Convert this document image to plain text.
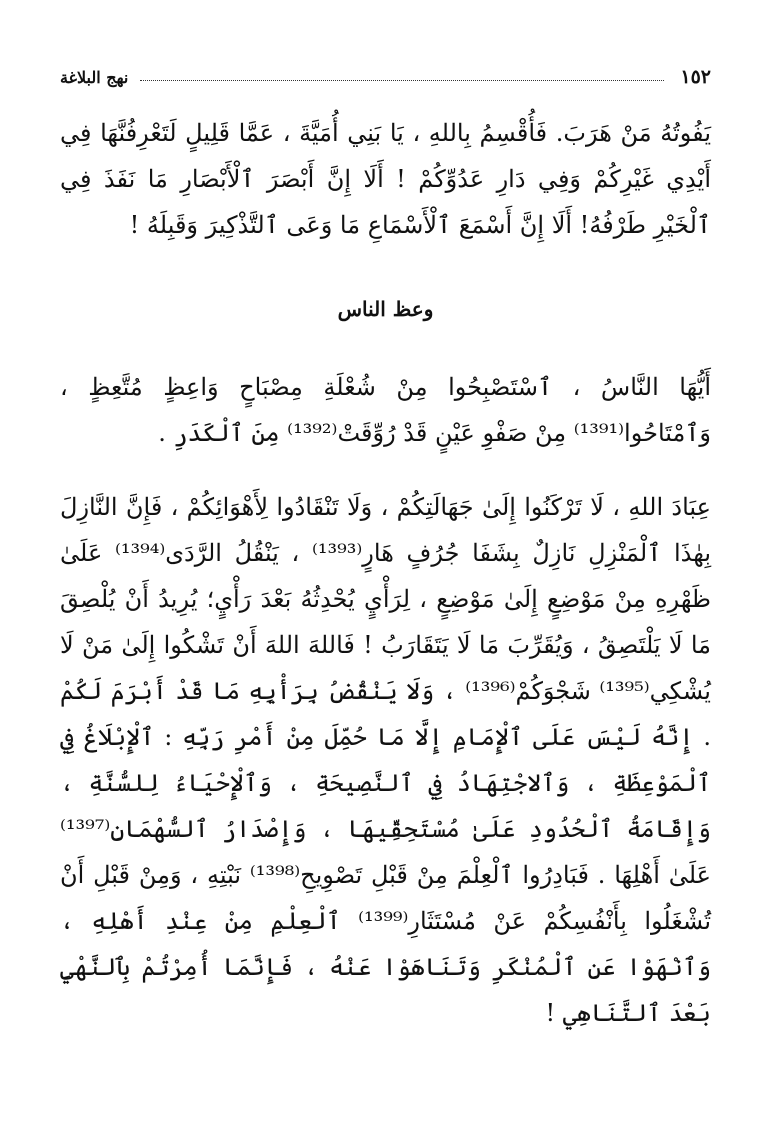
١٥٢
نهج البلاغة

يَفُوتُهُ مَنْ هَرَبَ. فَأُقْسِمُ بِاللهِ ، يَا بَنِي أُمَيَّةَ ، عَمَّا قَلِيلٍ لَتَعْرِفُنَّهَا فِي أَيْدِي غَيْرِكُمْ وَفِي دَارِ عَدُوِّكُمْ ! أَلَا إِنَّ أَبْصَرَ ٱلْأَبْصَارِ مَا نَفَذَ فِي ٱلْخَيْرِ طَرْفُهُ! أَلَا إِنَّ أَسْمَعَ ٱلْأَسْمَاعِ مَا وَعَى ٱلتَّذْكِيرَ وَقَبِلَهُ !

وعظ الناس

أَيُّهَا النَّاسُ ، ٱسْتَصْبِحُوا مِنْ شُعْلَةِ مِصْبَاحٍ وَاعِظٍ مُتَّعِظٍ ، وَٱمْتَاحُوا⁽¹³⁹¹⁾ مِنْ صَفْوِ عَيْنٍ قَدْ رُوِّقَتْ⁽¹³⁹²⁾ مِنَ ٱلْكَدَرِ .

عِبَادَ اللهِ ، لَا تَرْكَنُوا إِلَىٰ جَهَالَتِكُمْ ، وَلَا تَنْقَادُوا لِأَهْوَائِكُمْ ، فَإِنَّ النَّازِلَ بِهٰذَا ٱلْمَنْزِلِ نَازِلٌ بِشَفَا جُرُفٍ هَارٍ⁽¹³⁹³⁾ ، يَنْقُلُ الرَّدَى⁽¹³⁹⁴⁾ عَلَىٰ ظَهْرِهِ مِنْ مَوْضِعٍ إِلَىٰ مَوْضِعٍ ، لِرَأْيٍ يُحْدِثُهُ بَعْدَ رَأْيٍ؛ يُرِيدُ أَنْ يُلْصِقَ مَا لَا يَلْتَصِقُ ، وَيُقَرِّبَ مَا لَا يَتَقَارَبُ ! فَاللهَ اللهَ أَنْ تَشْكُوا إِلَىٰ مَنْ لَا يُشْكِي⁽¹³⁹⁵⁾ شَجْوَكُمْ⁽¹³⁹⁶⁾ ، وَلَا يَنْقُضُ بِرَأْيِهِ مَا قَدْ أَبْرَمَ لَكُمْ . إِنَّهُ لَيْسَ عَلَى ٱلْإِمَامِ إِلَّا مَا حُمِّلَ مِنْ أَمْرِ رَبِّهِ : ٱلْإِبْلَاغُ فِي ٱلْمَوْعِظَةِ ، وَٱلاجْتِهَادُ فِي ٱلنَّصِيحَةِ ، وَٱلْإِحْيَاءُ لِلسُّنَّةِ ، وَإِقَامَةُ ٱلْحُدُودِ عَلَىٰ مُسْتَحِقِّيهَا ، وَإِصْدَارُ ٱلسُّهْمَانِ⁽¹³⁹⁷⁾ عَلَىٰ أَهْلِهَا . فَبَادِرُوا ٱلْعِلْمَ مِنْ قَبْلِ تَصْوِيحِ⁽¹³⁹⁸⁾ نَبْتِهِ ، وَمِنْ قَبْلِ أَنْ تُشْغَلُوا بِأَنْفُسِكُمْ عَنْ مُسْتَثَارِ⁽¹³⁹⁹⁾ ٱلْعِلْمِ مِنْ عِنْدِ أَهْلِهِ ، وَٱنْهَوْا عَنِ ٱلْمُنْكَرِ وَتَنَاهَوْا عَنْهُ ، فَإِنَّمَا أُمِرْتُمْ بِٱلنَّهْيِ بَعْدَ ٱلتَّنَاهِي !
